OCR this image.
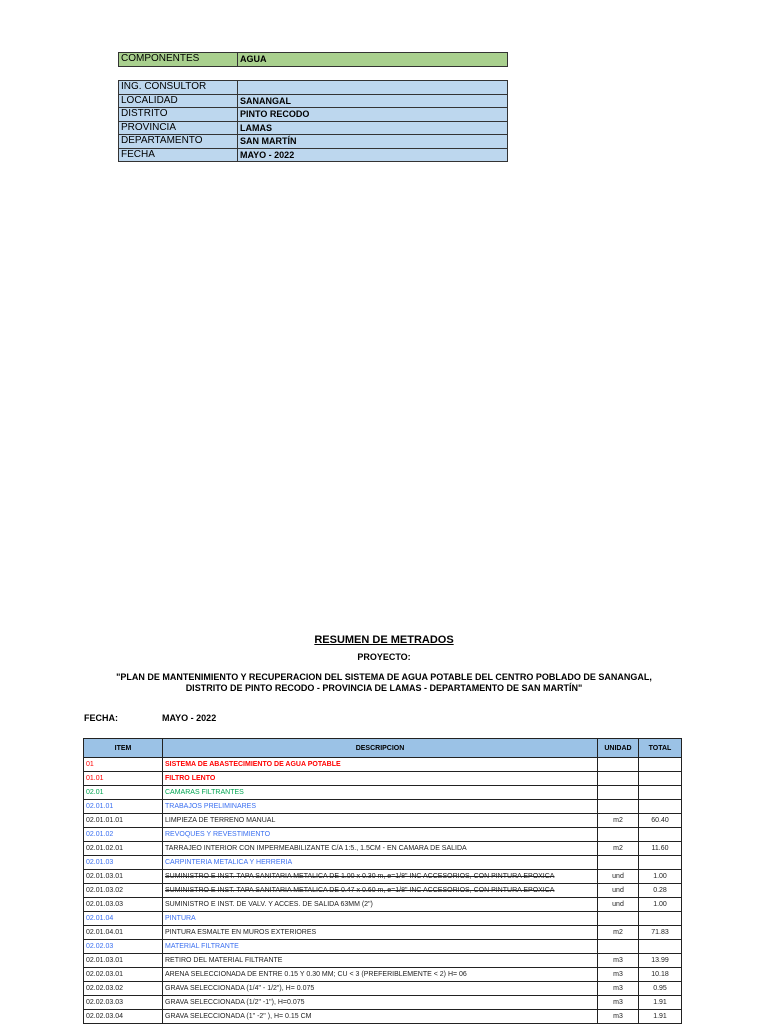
COMPONENTES	AGUA
ING. CONSULTOR	
LOCALIDAD	SANANGAL
DISTRITO	PINTO RECODO
PROVINCIA	LAMAS
DEPARTAMENTO	SAN MARTÍN
FECHA	MAYO - 2022
RESUMEN DE METRADOS
PROYECTO:
"PLAN DE MANTENIMIENTO Y RECUPERACION DEL SISTEMA DE AGUA POTABLE DEL CENTRO POBLADO DE SANANGAL,
DISTRITO DE PINTO RECODO - PROVINCIA DE LAMAS - DEPARTAMENTO DE SAN MARTÍN"
FECHA:	MAYO - 2022
ITEM	DESCRIPCION	UNIDAD	TOTAL
01	SISTEMA DE ABASTECIMIENTO DE AGUA POTABLE		
01.01	FILTRO LENTO		
02.01	CAMARAS FILTRANTES		
02.01.01	TRABAJOS PRELIMINARES		
02.01.01.01	LIMPIEZA DE TERRENO MANUAL	m2	60.40
02.01.02	REVOQUES Y REVESTIMIENTO		
02.01.02.01	TARRAJEO INTERIOR CON IMPERMEABILIZANTE C/A 1:5., 1.5CM - EN CAMARA DE SALIDA	m2	11.60
02.01.03	CARPINTERIA METALICA Y HERRERIA		
02.01.03.01	SUMINISTRO E INST. TAPA SANITARIA METALICA DE 1.00 x 0.30 m, e=1/8" INC ACCESORIOS, CON PINTURA EPOXICA	und	1.00
02.01.03.02	SUMINISTRO E INST. TAPA SANITARIA METALICA DE 0.47 x 0.60 m, e=1/8" INC ACCESORIOS, CON PINTURA EPOXICA	und	0.28
02.01.03.03	SUMINISTRO E INST. DE VALV. Y ACCES. DE SALIDA 63MM (2")	und	1.00
02.01.04	PINTURA		
02.01.04.01	PINTURA ESMALTE EN MUROS EXTERIORES	m2	71.83
02.02.03	MATERIAL FILTRANTE		
02.01.03.01	RETIRO DEL MATERIAL FILTRANTE	m3	13.99
02.02.03.01	ARENA SELECCIONADA DE ENTRE 0.15 Y 0.30 MM; CU < 3 (PREFERIBLEMENTE < 2) H= 06	m3	10.18
02.02.03.02	GRAVA SELECCIONADA (1/4" - 1/2"), H= 0.075	m3	0.95
02.02.03.03	GRAVA SELECCIONADA (1/2" -1"), H=0.075	m3	1.91
02.02.03.04	GRAVA SELECCIONADA (1" -2" ), H= 0.15 CM	m3	1.91
